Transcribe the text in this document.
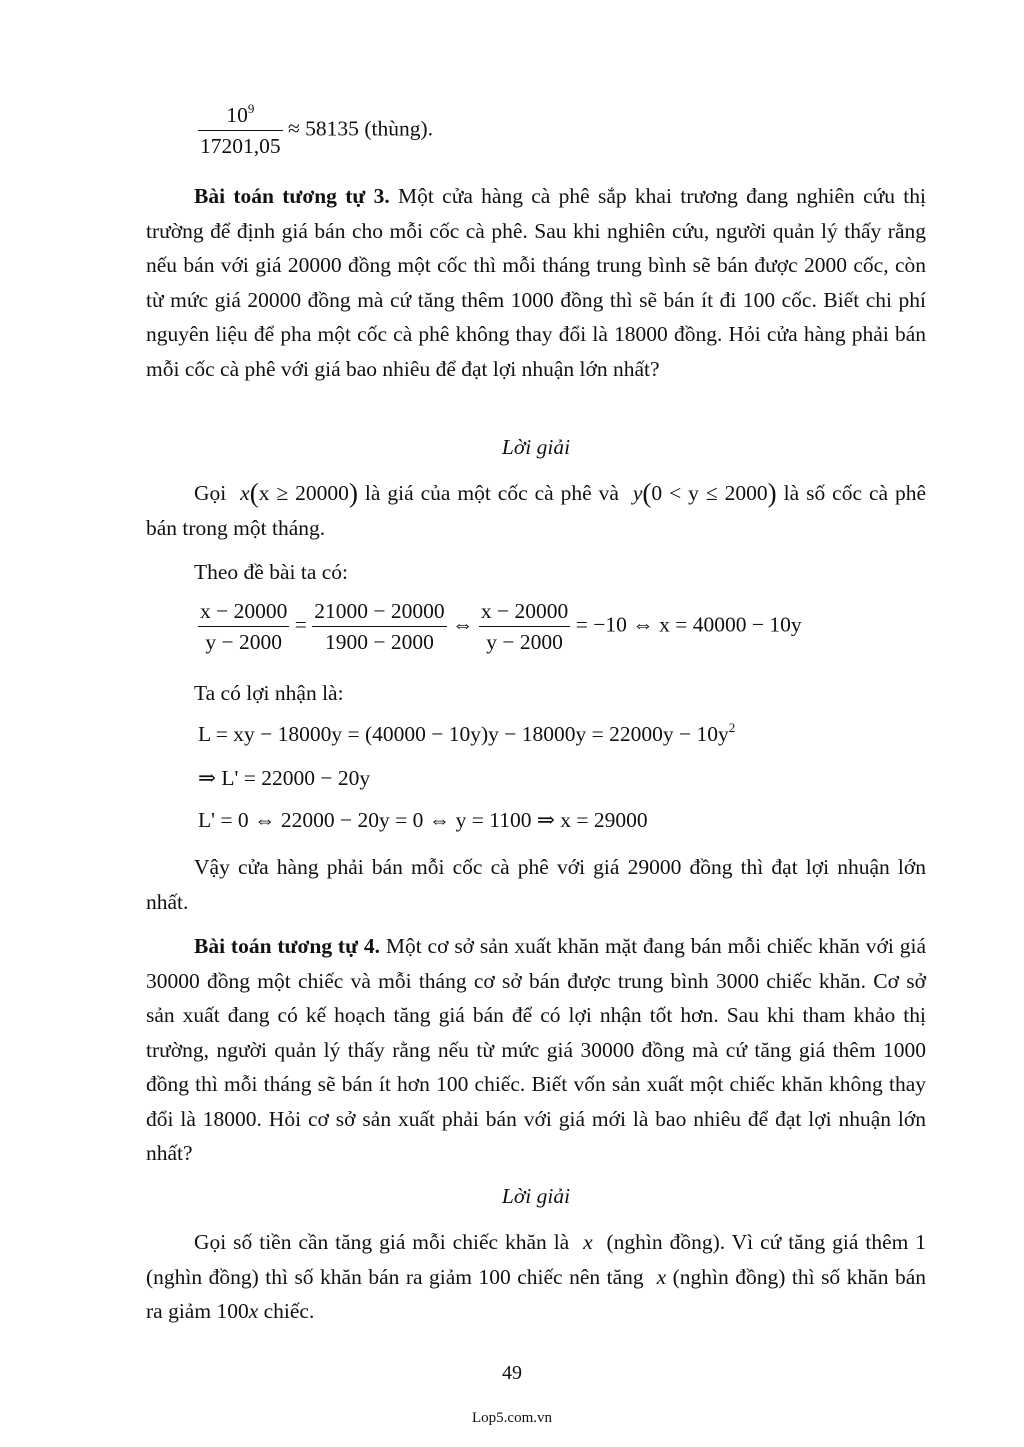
$\frac{10^9}{17201,05} \approx 58135$ (thùng).
Bài toán tương tự 3. Một cửa hàng cà phê sắp khai trương đang nghiên cứu thị trường để định giá bán cho mỗi cốc cà phê. Sau khi nghiên cứu, người quản lý thấy rằng nếu bán với giá 20000 đồng một cốc thì mỗi tháng trung bình sẽ bán được 2000 cốc, còn từ mức giá 20000 đồng mà cứ tăng thêm 1000 đồng thì sẽ bán ít đi 100 cốc. Biết chi phí nguyên liệu để pha một cốc cà phê không thay đổi là 18000 đồng. Hỏi cửa hàng phải bán mỗi cốc cà phê với giá bao nhiêu để đạt lợi nhuận lớn nhất?
Lời giải
Gọi x(x ≥ 20000) là giá của một cốc cà phê và y(0 < y ≤ 2000) là số cốc cà phê bán trong một tháng.
Theo đề bài ta có:
$\frac{x - 20000}{y - 2000} = \frac{21000 - 20000}{1900 - 2000}$ ⇔ $\frac{x - 20000}{y - 2000} = -10$ ⇔ x = 40000 − 10y
Ta có lợi nhận là:
L = xy − $18000y = (40000 - 10y)y - 18000y = 22000y - 10y^2$
⇒ L' = 22000 − 20y
L' = 0 ⇔ 22000 − 20y = 0 ⇔ y = 1100 ⇒ x = 29000
Vậy cửa hàng phải bán mỗi cốc cà phê với giá 29000 đồng thì đạt lợi nhuận lớn nhất.
Bài toán tương tự 4. Một cơ sở sản xuất khăn mặt đang bán mỗi chiếc khăn với giá 30000 đồng một chiếc và mỗi tháng cơ sở bán được trung bình 3000 chiếc khăn. Cơ sở sản xuất đang có kế hoạch tăng giá bán để có lợi nhận tốt hơn. Sau khi tham khảo thị trường, người quản lý thấy rằng nếu từ mức giá 30000 đồng mà cứ tăng giá thêm 1000 đồng thì mỗi tháng sẽ bán ít hơn 100 chiếc. Biết vốn sản xuất một chiếc khăn không thay đổi là 18000. Hỏi cơ sở sản xuất phải bán với giá mới là bao nhiêu để đạt lợi nhuận lớn nhất?
Lời giải
Gọi số tiền cần tăng giá mỗi chiếc khăn là x (nghìn đồng). Vì cứ tăng giá thêm 1 (nghìn đồng) thì số khăn bán ra giảm 100 chiếc nên tăng x (nghìn đồng) thì số khăn bán ra giảm 100x chiếc.
49
Lop5.com.vn
